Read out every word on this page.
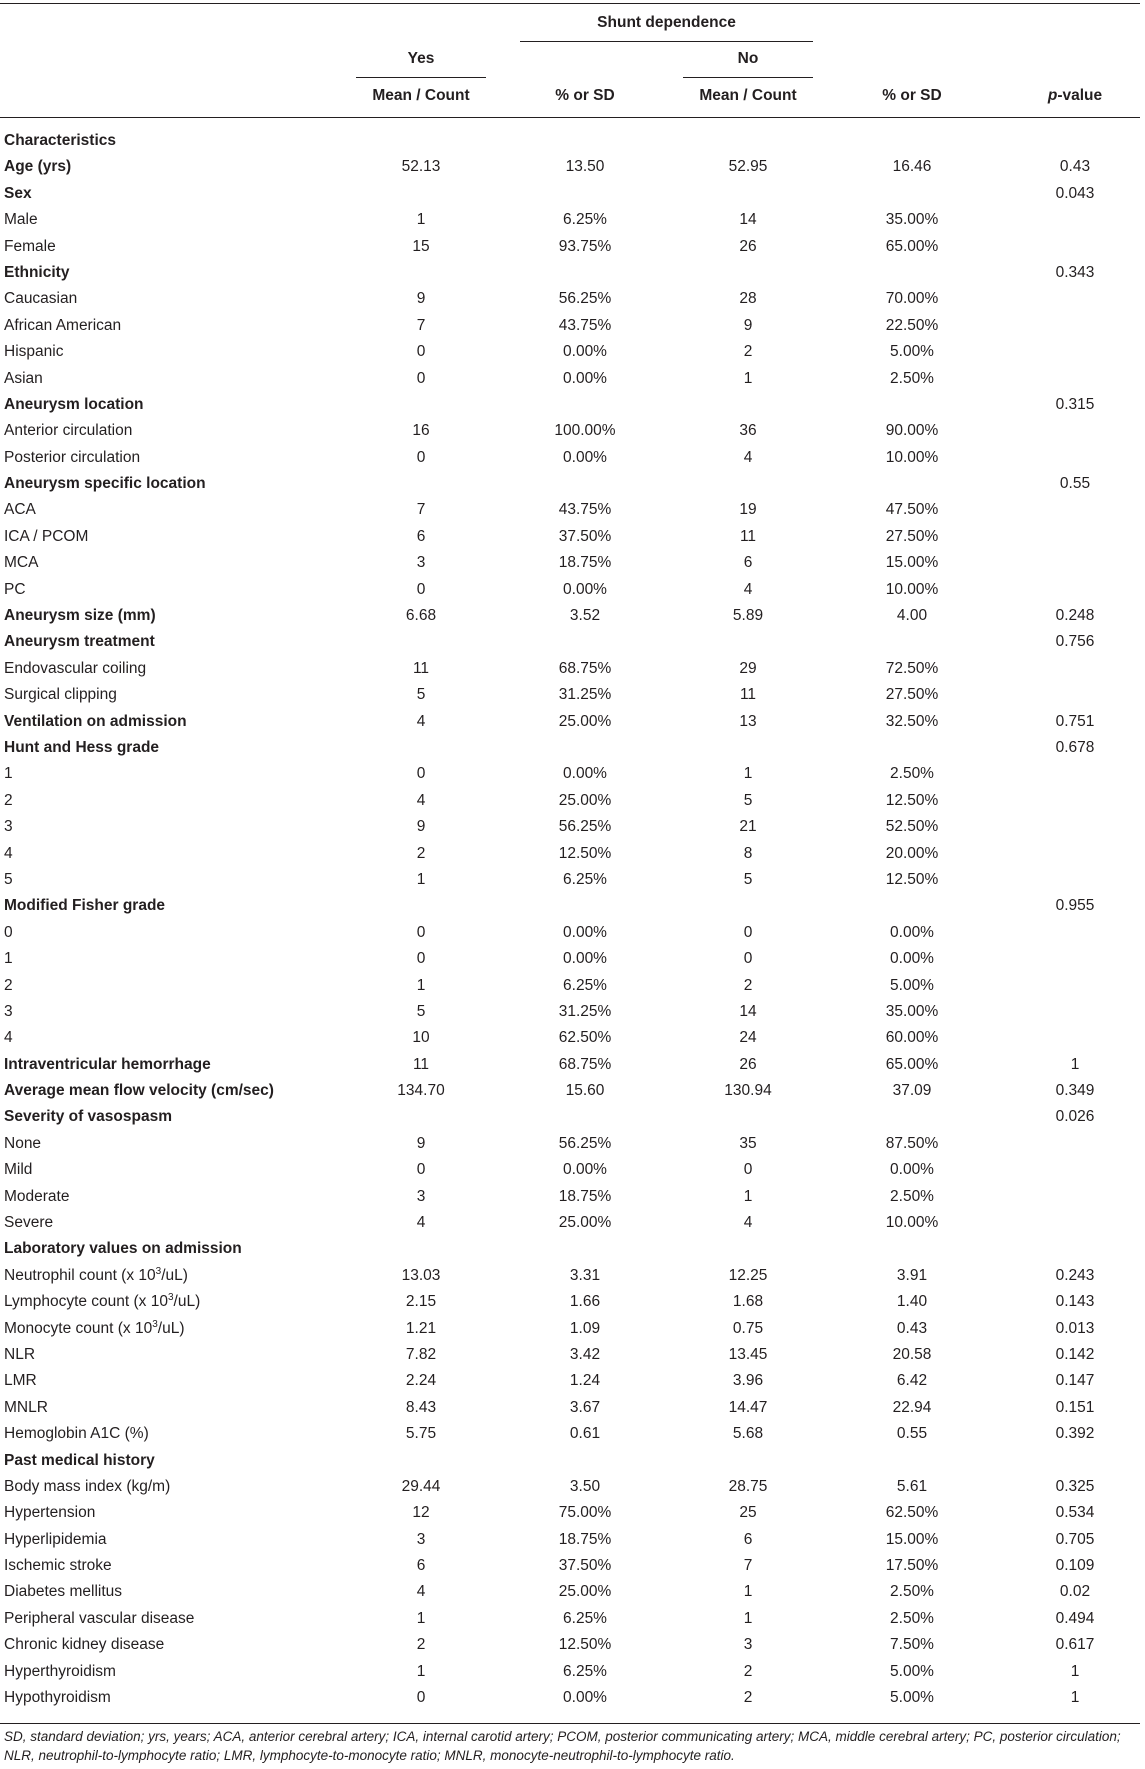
Shunt dependence
Yes	No
Mean / Count	% or SD	Mean / Count	% or SD	p-value
Characteristics
Age (yrs)	52.13	13.50	52.95	16.46	0.43
Sex	0.043
Male	1	6.25%	14	35.00%
Female	15	93.75%	26	65.00%
Ethnicity	0.343
Caucasian	9	56.25%	28	70.00%
African American	7	43.75%	9	22.50%
Hispanic	0	0.00%	2	5.00%
Asian	0	0.00%	1	2.50%
Aneurysm location	0.315
Anterior circulation	16	100.00%	36	90.00%
Posterior circulation	0	0.00%	4	10.00%
Aneurysm specific location	0.55
ACA	7	43.75%	19	47.50%
ICA / PCOM	6	37.50%	11	27.50%
MCA	3	18.75%	6	15.00%
PC	0	0.00%	4	10.00%
Aneurysm size (mm)	6.68	3.52	5.89	4.00	0.248
Aneurysm treatment	0.756
Endovascular coiling	11	68.75%	29	72.50%
Surgical clipping	5	31.25%	11	27.50%
Ventilation on admission	4	25.00%	13	32.50%	0.751
Hunt and Hess grade	0.678
1	0	0.00%	1	2.50%
2	4	25.00%	5	12.50%
3	9	56.25%	21	52.50%
4	2	12.50%	8	20.00%
5	1	6.25%	5	12.50%
Modified Fisher grade	0.955
0	0	0.00%	0	0.00%
1	0	0.00%	0	0.00%
2	1	6.25%	2	5.00%
3	5	31.25%	14	35.00%
4	10	62.50%	24	60.00%
Intraventricular hemorrhage	11	68.75%	26	65.00%	1
Average mean flow velocity (cm/sec)	134.70	15.60	130.94	37.09	0.349
Severity of vasospasm	0.026
None	9	56.25%	35	87.50%
Mild	0	0.00%	0	0.00%
Moderate	3	18.75%	1	2.50%
Severe	4	25.00%	4	10.00%
Laboratory values on admission
Neutrophil count (x $10^3/uL$)	13.03	3.31	12.25	3.91	0.243
Lymphocyte count (x $10^3/uL$)	2.15	1.66	1.68	1.40	0.143
Monocyte count (x $10^3/uL$)	1.21	1.09	0.75	0.43	0.013
NLR	7.82	3.42	13.45	20.58	0.142
LMR	2.24	1.24	3.96	6.42	0.147
MNLR	8.43	3.67	14.47	22.94	0.151
Hemoglobin A1C (%)	5.75	0.61	5.68	0.55	0.392
Past medical history
Body mass index (kg/m)	29.44	3.50	28.75	5.61	0.325
Hypertension	12	75.00%	25	62.50%	0.534
Hyperlipidemia	3	18.75%	6	15.00%	0.705
Ischemic stroke	6	37.50%	7	17.50%	0.109
Diabetes mellitus	4	25.00%	1	2.50%	0.02
Peripheral vascular disease	1	6.25%	1	2.50%	0.494
Chronic kidney disease	2	12.50%	3	7.50%	0.617
Hyperthyroidism	1	6.25%	2	5.00%	1
Hypothyroidism	0	0.00%	2	5.00%	1
SD, standard deviation; yrs, years; ACA, anterior cerebral artery; ICA, internal carotid artery; PCOM, posterior communicating artery; MCA, middle cerebral artery; PC, posterior circulation; NLR, neutrophil-to-lymphocyte ratio; LMR, lymphocyte-to-monocyte ratio; MNLR, monocyte-neutrophil-to-lymphocyte ratio.
